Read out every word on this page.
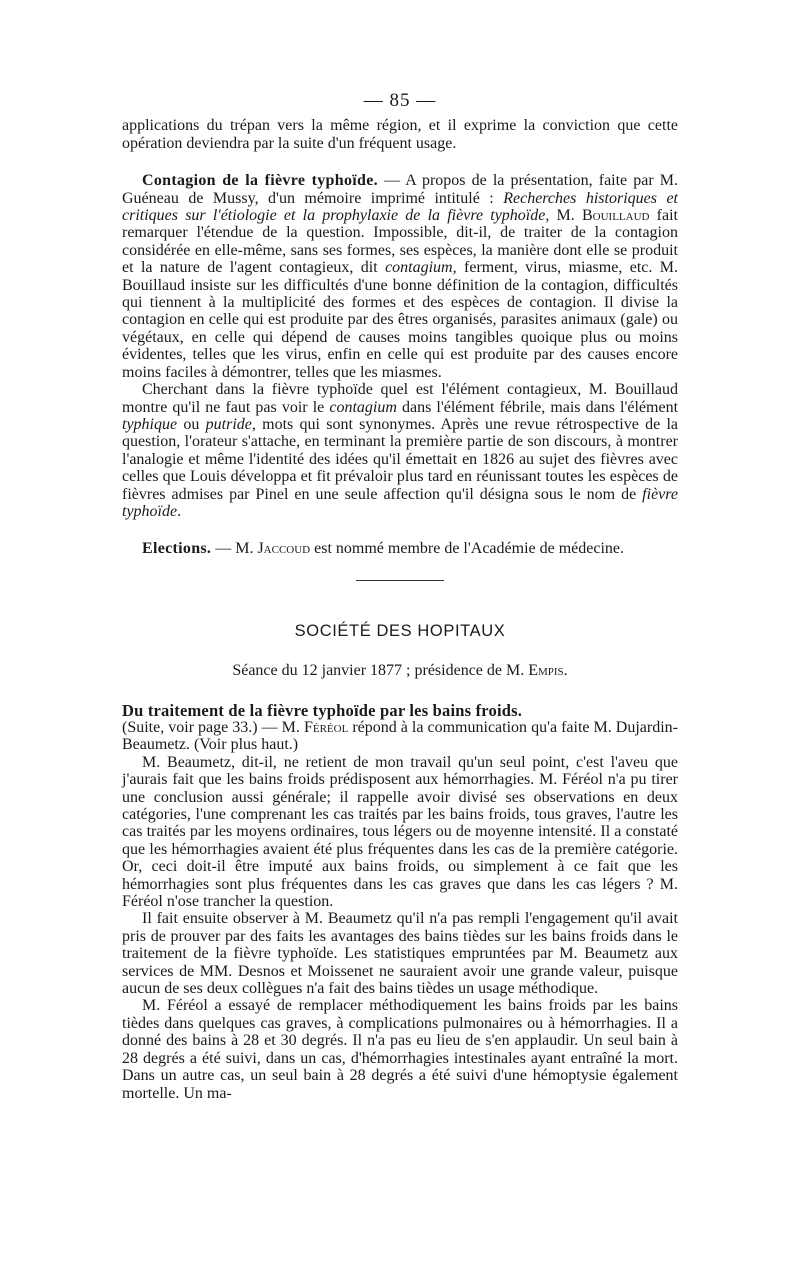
— 85 —

applications du trépan vers la même région, et il exprime la conviction que cette opération deviendra par la suite d'un fréquent usage.

Contagion de la fièvre typhoïde. — A propos de la présentation, faite par M. Guéneau de Mussy, d'un mémoire imprimé intitulé : Recherches historiques et critiques sur l'étiologie et la prophylaxie de la fièvre typhoïde, M. Bouillaud fait remarquer l'étendue de la question. Impossible, dit-il, de traiter de la contagion considérée en elle-même, sans ses formes, ses espèces, la manière dont elle se produit et la nature de l'agent contagieux, dit contagium, ferment, virus, miasme, etc. M. Bouillaud insiste sur les difficultés d'une bonne définition de la contagion, difficultés qui tiennent à la multiplicité des formes et des espèces de contagion. Il divise la contagion en celle qui est produite par des êtres organisés, parasites animaux (gale) ou végétaux, en celle qui dépend de causes moins tangibles quoique plus ou moins évidentes, telles que les virus, enfin en celle qui est produite par des causes encore moins faciles à démontrer, telles que les miasmes.

Cherchant dans la fièvre typhoïde quel est l'élément contagieux, M. Bouillaud montre qu'il ne faut pas voir le contagium dans l'élément fébrile, mais dans l'élément typhique ou putride, mots qui sont synonymes. Après une revue rétrospective de la question, l'orateur s'attache, en terminant la première partie de son discours, à montrer l'analogie et même l'identité des idées qu'il émettait en 1826 au sujet des fièvres avec celles que Louis développa et fit prévaloir plus tard en réunissant toutes les espèces de fièvres admises par Pinel en une seule affection qu'il désigna sous le nom de fièvre typhoïde.

Elections. — M. Jaccoud est nommé membre de l'Académie de médecine.

SOCIÉTÉ DES HOPITAUX
Séance du 12 janvier 1877 ; présidence de M. Empis.
Du traitement de la fièvre typhoïde par les bains froids.

(Suite, voir page 33.) — M. Féréol répond à la communication qu'a faite M. Dujardin-Beaumetz. (Voir plus haut.)

M. Beaumetz, dit-il, ne retient de mon travail qu'un seul point, c'est l'aveu que j'aurais fait que les bains froids prédisposent aux hémorrhagies. M. Féréol n'a pu tirer une conclusion aussi générale; il rappelle avoir divisé ses observations en deux catégories, l'une comprenant les cas traités par les bains froids, tous graves, l'autre les cas traités par les moyens ordinaires, tous légers ou de moyenne intensité. Il a constaté que les hémorrhagies avaient été plus fréquentes dans les cas de la première catégorie. Or, ceci doit-il être imputé aux bains froids, ou simplement à ce fait que les hémorrhagies sont plus fréquentes dans les cas graves que dans les cas légers ? M. Féréol n'ose trancher la question.

Il fait ensuite observer à M. Beaumetz qu'il n'a pas rempli l'engagement qu'il avait pris de prouver par des faits les avantages des bains tièdes sur les bains froids dans le traitement de la fièvre typhoïde. Les statistiques empruntées par M. Beaumetz aux services de MM. Desnos et Moissenet ne sauraient avoir une grande valeur, puisque aucun de ses deux collègues n'a fait des bains tièdes un usage méthodique.

M. Féréol a essayé de remplacer méthodiquement les bains froids par les bains tièdes dans quelques cas graves, à complications pulmonaires ou à hémorrhagies. Il a donné des bains à 28 et 30 degrés. Il n'a pas eu lieu de s'en applaudir. Un seul bain à 28 degrés a été suivi, dans un cas, d'hémorrhagies intestinales ayant entraîné la mort. Dans un autre cas, un seul bain à 28 degrés a été suivi d'une hémoptysie également mortelle. Un ma-
